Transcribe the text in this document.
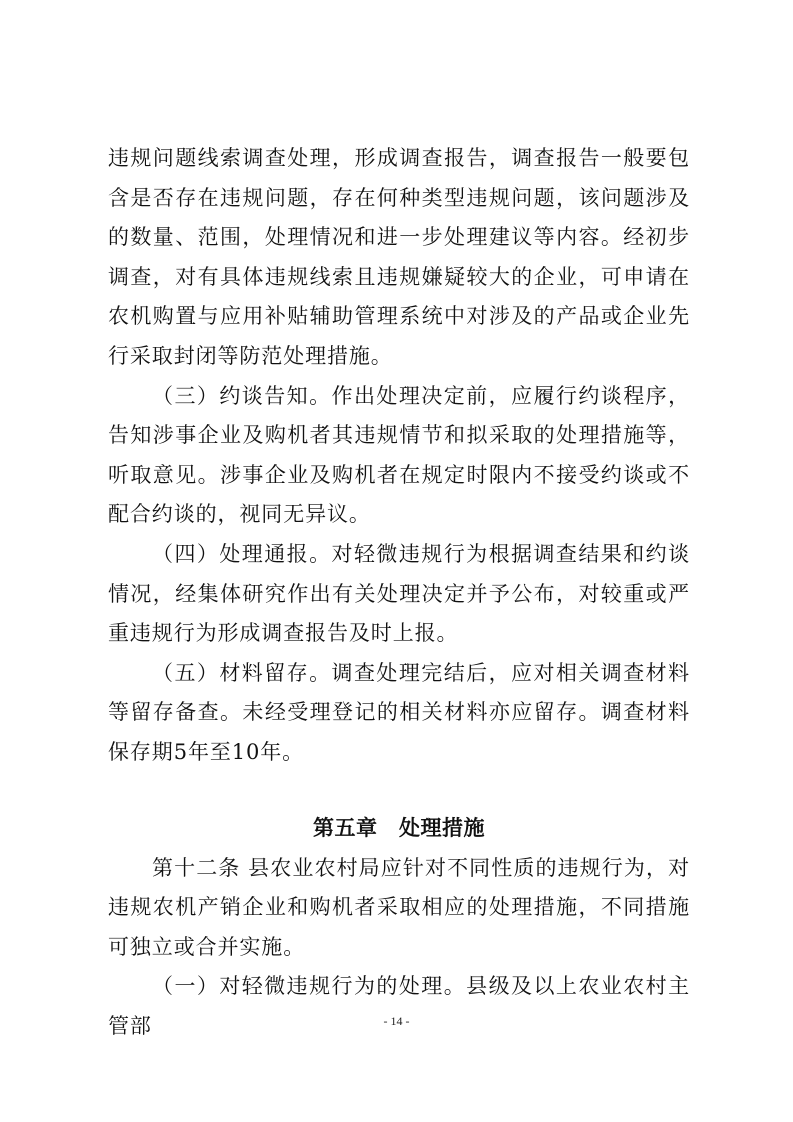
违规问题线索调查处理，形成调查报告，调查报告一般要包含是否存在违规问题，存在何种类型违规问题，该问题涉及的数量、范围，处理情况和进一步处理建议等内容。经初步调查，对有具体违规线索且违规嫌疑较大的企业，可申请在农机购置与应用补贴辅助管理系统中对涉及的产品或企业先行采取封闭等防范处理措施。

（三）约谈告知。作出处理决定前，应履行约谈程序，告知涉事企业及购机者其违规情节和拟采取的处理措施等，听取意见。涉事企业及购机者在规定时限内不接受约谈或不配合约谈的，视同无异议。

（四）处理通报。对轻微违规行为根据调查结果和约谈情况，经集体研究作出有关处理决定并予公布，对较重或严重违规行为形成调查报告及时上报。

（五）材料留存。调查处理完结后，应对相关调查材料等留存备查。未经受理登记的相关材料亦应留存。调查材料保存期5年至10年。

第五章　处理措施

第十二条 县农业农村局应针对不同性质的违规行为，对违规农机产销企业和购机者采取相应的处理措施，不同措施可独立或合并实施。

（一）对轻微违规行为的处理。县级及以上农业农村主管部	- 14 -
